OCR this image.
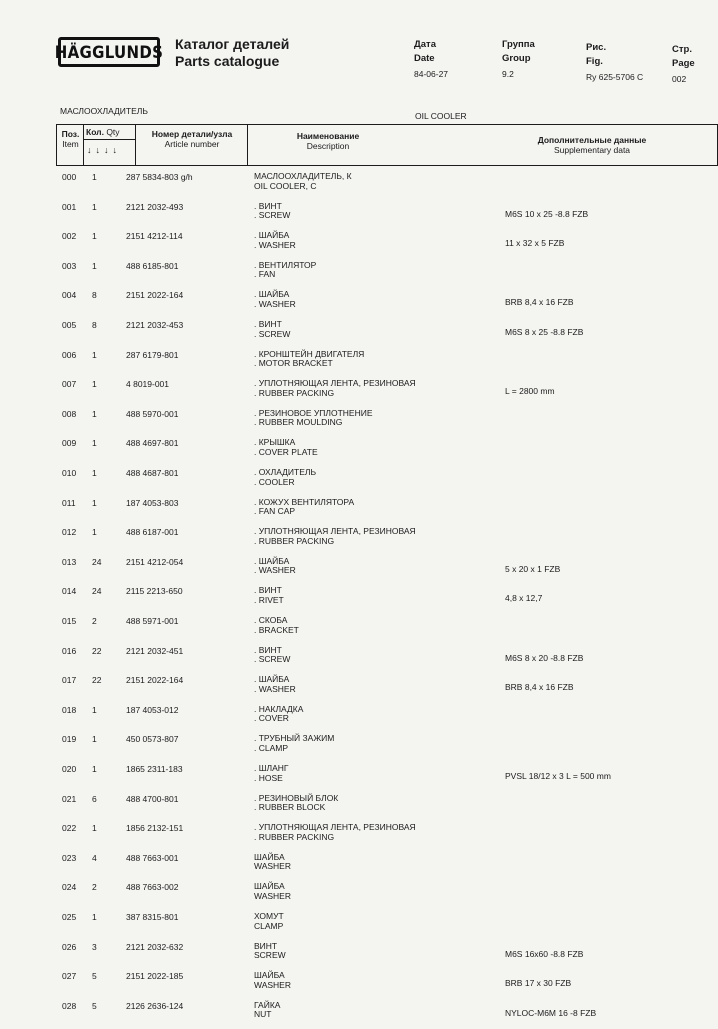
HÄGGLUNDS Каталог деталей
Parts catalogue
Дата
Date
84-06-27
Группа
Group
9.2
Рис.
Fig.
Ry 625-5706 C
Стр.
Page
002
МАСЛООХЛАДИТЕЛЬ	OIL COOLER
Поз.
Item
Кол. Qty
↓↓↓↓
Номер детали/узла
Article number
Наименование
Description
Дополнительные данные
Supplementary data
000 1	287 5834-803 g/h	МАСЛООХЛАДИТЕЛЬ, К
OIL COOLER, C
001 1	2121 2032-493	. ВИНТ
. SCREW	M6S 10 x 25 -8.8 FZB
002 1	2151 4212-114	. ШАЙБА
. WASHER	11 x 32 x 5 FZB
003 1	488 6185-801	. ВЕНТИЛЯТОР
. FAN
004 8	2151 2022-164	. ШАЙБА
. WASHER	BRB 8,4 x 16 FZB
005 8	2121 2032-453	. ВИНТ
. SCREW	M6S 8 x 25 -8.8 FZB
006 1	287 6179-801	. КРОНШТЕЙН ДВИГАТЕЛЯ
. MOTOR BRACKET
007 1	4 8019-001	. УПЛОТНЯЮЩАЯ ЛЕНТА, РЕЗИНОВАЯ
. RUBBER PACKING	L = 2800 mm
008 1	488 5970-001	. РЕЗИНОВОЕ УПЛОТНЕНИЕ
. RUBBER MOULDING
009 1	488 4697-801	. КРЫШКА
. COVER PLATE
010 1	488 4687-801	. ОХЛАДИТЕЛЬ
. COOLER
011 1	187 4053-803	. КОЖУХ ВЕНТИЛЯТОРА
. FAN CAP
012 1	488 6187-001	. УПЛОТНЯЮЩАЯ ЛЕНТА, РЕЗИНОВАЯ
. RUBBER PACKING
013 24	2151 4212-054	. ШАЙБА
. WASHER	5 x 20 x 1 FZB
014 24	2115 2213-650	. ВИНТ
. RIVET	4,8 x 12,7
015 2	488 5971-001	. СКОБА
. BRACKET
016 22	2121 2032-451	. ВИНТ
. SCREW	M6S 8 x 20 -8.8 FZB
017 22	2151 2022-164	. ШАЙБА
. WASHER	BRB 8,4 x 16 FZB
018 1	187 4053-012	. НАКЛАДКА
. COVER
019 1	450 0573-807	. ТРУБНЫЙ ЗАЖИМ
. CLAMP
020 1	1865 2311-183	. ШЛАНГ
. HOSE	PVSL 18/12 x 3 L = 500 mm
021 6	488 4700-801	. РЕЗИНОВЫЙ БЛОК
. RUBBER BLOCK
022 1	1856 2132-151	. УПЛОТНЯЮЩАЯ ЛЕНТА, РЕЗИНОВАЯ
. RUBBER PACKING
023 4	488 7663-001	ШАЙБА
WASHER
024 2	488 7663-002	ШАЙБА
WASHER
025 1	387 8315-801	ХОМУТ
CLAMP
026 3	2121 2032-632	ВИНТ
SCREW	M6S 16x60 -8.8 FZB
027 5	2151 2022-185	ШАЙБА
WASHER	BRB 17 x 30 FZB
028 5	2126 2636-124	ГАЙКА
NUT	NYLOC-M6M 16 -8 FZB
